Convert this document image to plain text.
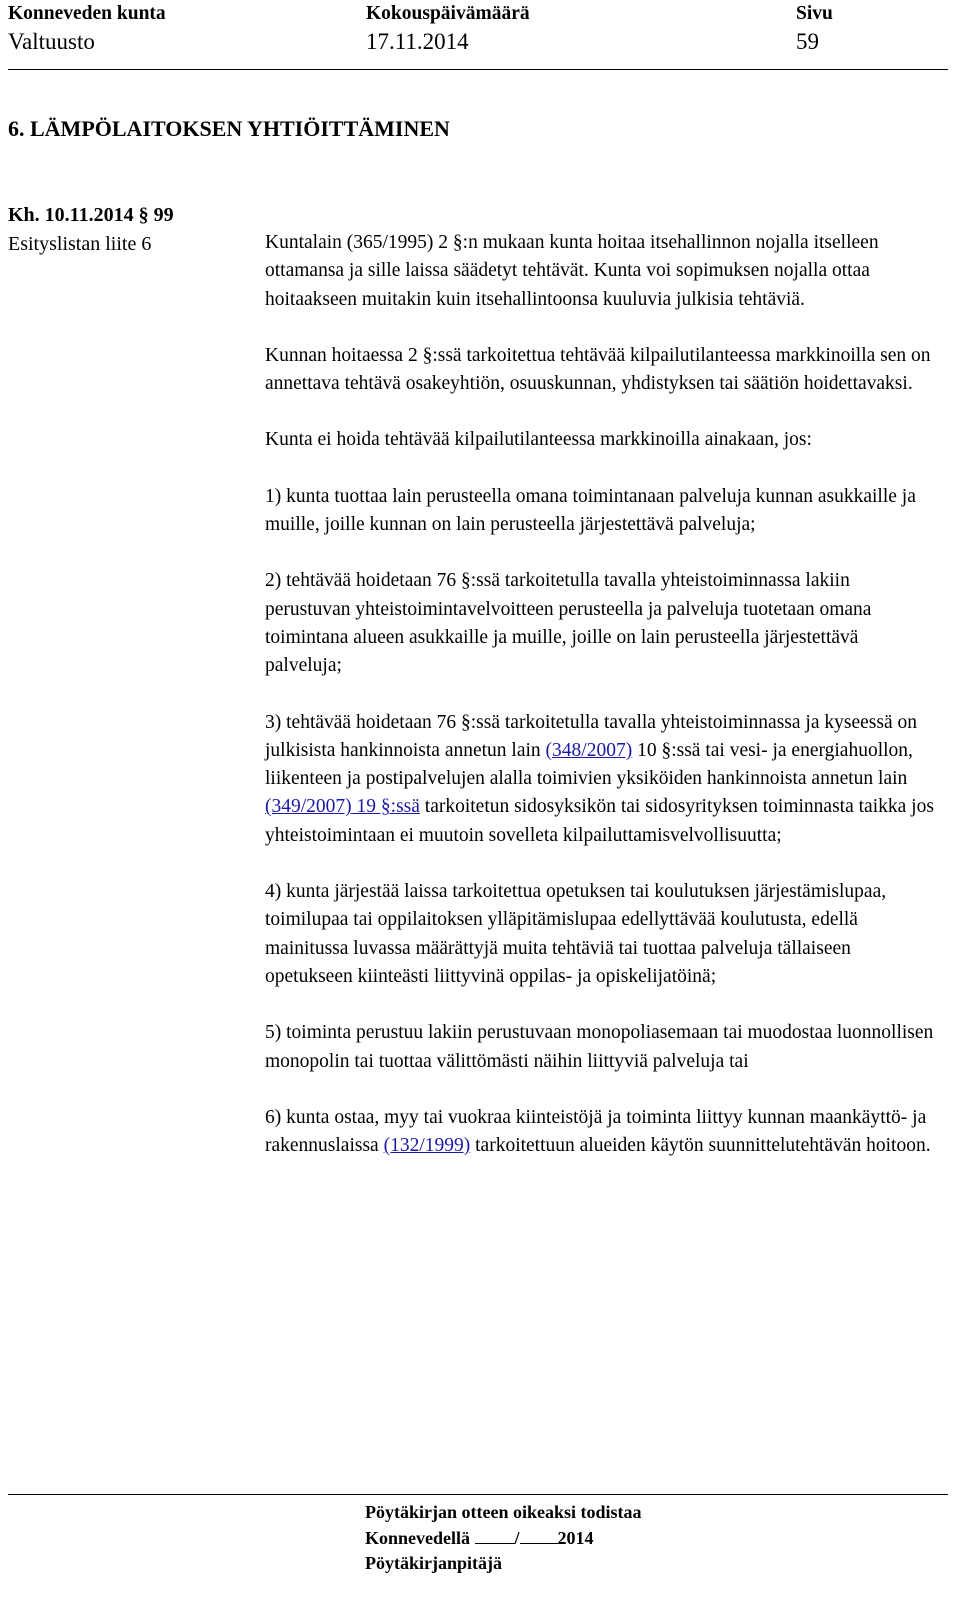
Konneveden kunta
Valtuusto
Kokouspäivämäärä
17.11.2014
Sivu
59
6. LÄMPÖLAITOKSEN YHTIÖITTÄMINEN
Kh. 10.11.2014 § 99
Esityslistan liite 6	Kuntalain (365/1995) 2 §:n mukaan kunta hoitaa itsehallinnon nojalla itselleen ottamansa ja sille laissa säädetyt tehtävät. Kunta voi sopimuksen nojalla ottaa hoitaakseen muitakin kuin itsehallintoonsa kuuluvia julkisia tehtäviä.

Kunnan hoitaessa 2 §:ssä tarkoitettua tehtävää kilpailutilanteessa markkinoilla sen on annettava tehtävä osakeyhtiön, osuuskunnan, yhdistyksen tai säätiön hoidettavaksi.

Kunta ei hoida tehtävää kilpailutilanteessa markkinoilla ainakaan, jos:

1) kunta tuottaa lain perusteella omana toimintanaan palveluja kunnan asukkaille ja muille, joille kunnan on lain perusteella järjestettävä palveluja;

2) tehtävää hoidetaan 76 §:ssä tarkoitetulla tavalla yhteistoiminnassa lakiin perustuvan yhteistoimintavelvoitteen perusteella ja palveluja tuotetaan omana toimintana alueen asukkaille ja muille, joille on lain perusteella järjestettävä palveluja;

3) tehtävää hoidetaan 76 §:ssä tarkoitetulla tavalla yhteistoiminnassa ja kyseessä on julkisista hankinnoista annetun lain (348/2007) 10 §:ssä tai vesi- ja energiahuollon, liikenteen ja postipalvelujen alalla toimivien yksiköiden hankinnoista annetun lain (349/2007) 19 §:ssä tarkoitetun sidosyksikön tai sidosyrityksen toiminnasta taikka jos yhteistoimintaan ei muutoin sovelleta kilpailuttamisvelvollisuutta;

4) kunta järjestää laissa tarkoitettua opetuksen tai koulutuksen järjestämislupaa, toimilupaa tai oppilaitoksen ylläpitämislupaa edellyttävää koulutusta, edellä mainitussa luvassa määrättyjä muita tehtäviä tai tuottaa palveluja tällaiseen opetukseen kiinteästi liittyvinä oppilas- ja opiskelijatöinä;

5) toiminta perustuu lakiin perustuvaan monopoliasemaan tai muodostaa luonnollisen monopolin tai tuottaa välittömästi näihin liittyviä palveluja tai

6) kunta ostaa, myy tai vuokraa kiinteistöjä ja toiminta liittyy kunnan maankäyttö- ja rakennuslaissa (132/1999) tarkoitettuun alueiden käytön suunnittelutehtävän hoitoon.

Pöytäkirjan otteen oikeaksi todistaa
Konnevedellä / 2014
Pöytäkirjanpitäjä
